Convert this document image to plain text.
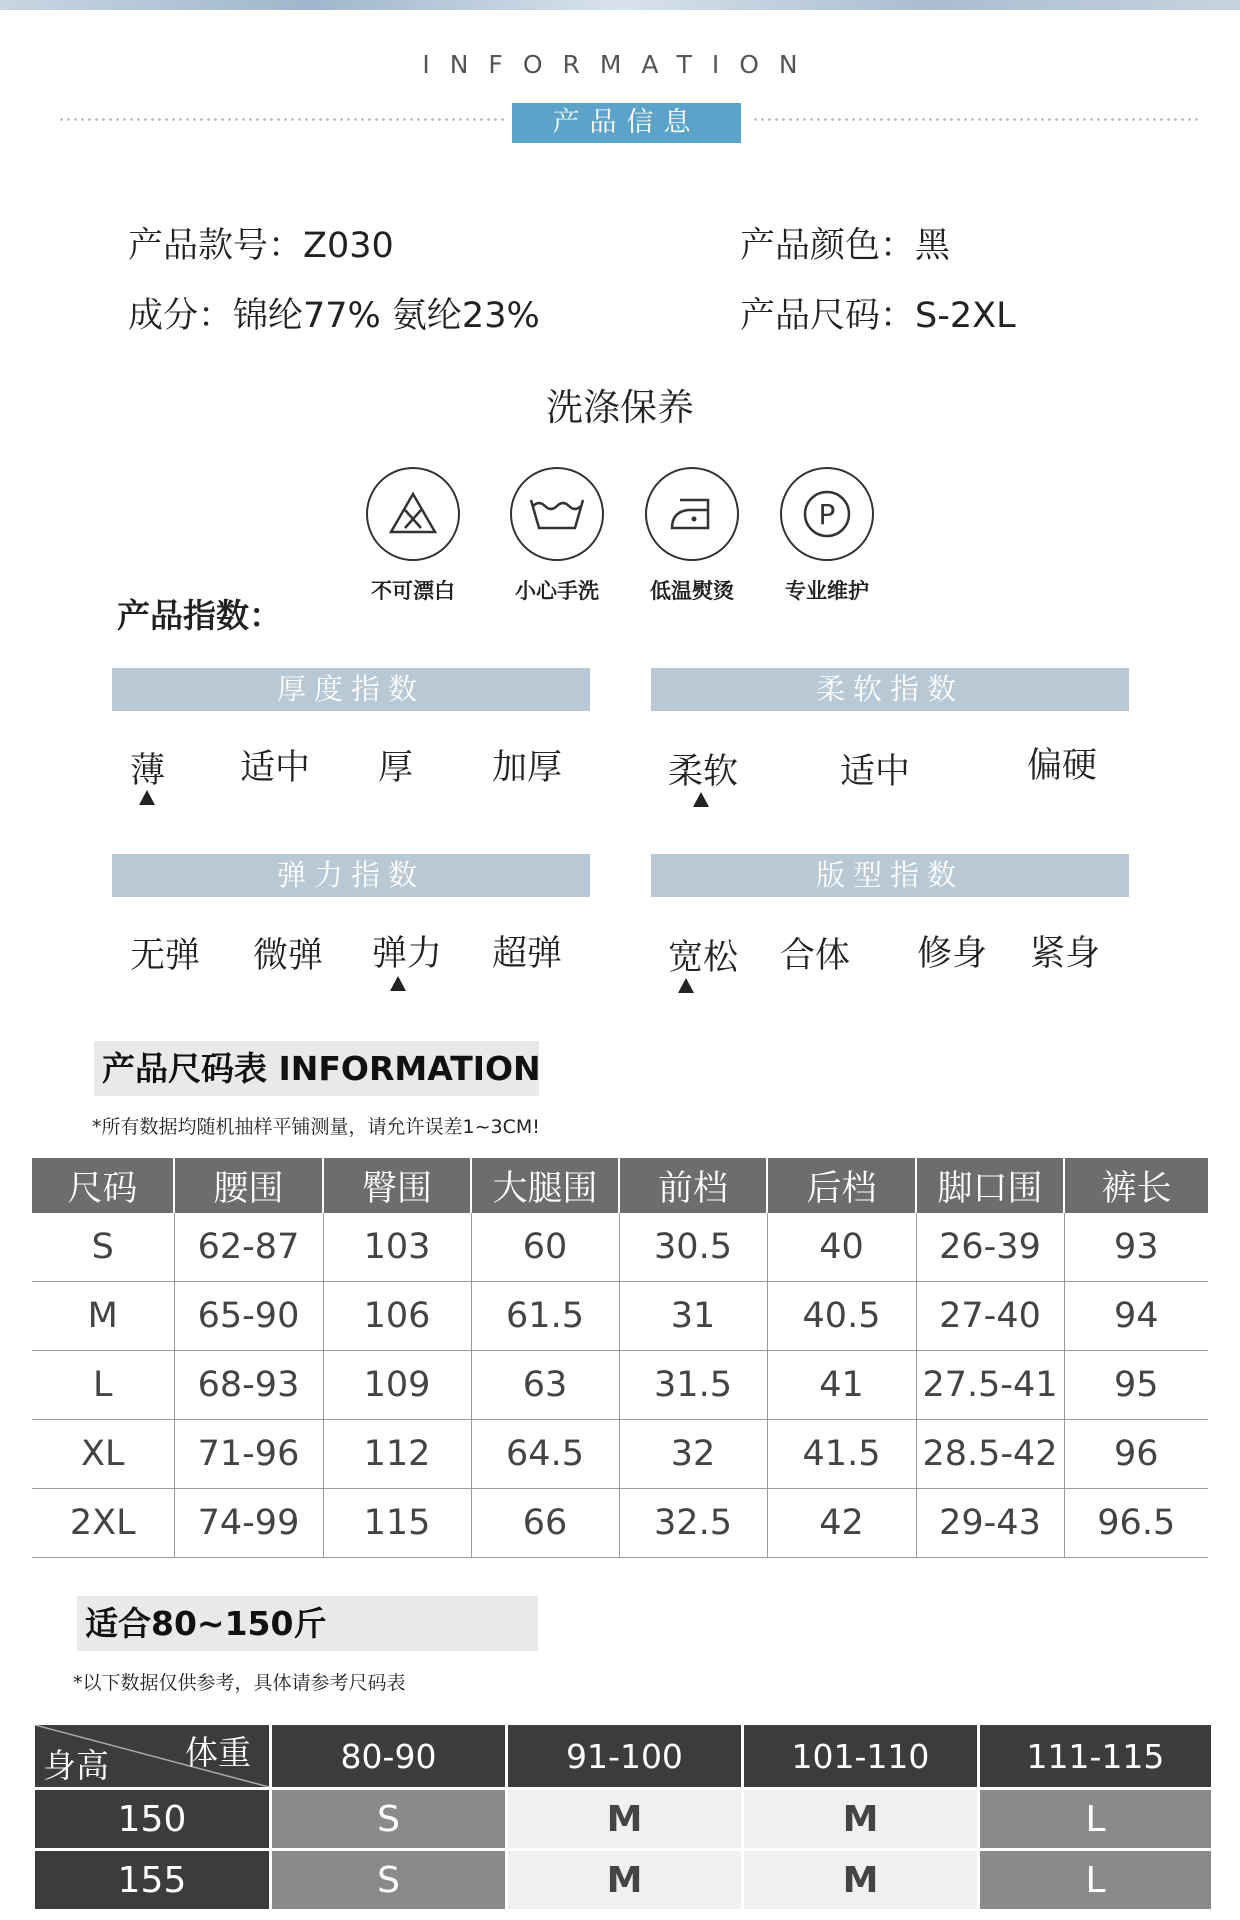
INFORMATION
产品信息
产品款号：Z030	产品颜色：黑
成分：锦纶77% 氨纶23%	产品尺码：S-2XL
洗涤保养
不可漂白	小心手洗	低温熨烫
P
专业维护
产品指数：
厚度指数
薄 适中 厚 加厚
柔软指数
柔软	适中	偏硬
弹力指数
无弹 微弹 弹力 超弹
版型指数
宽松 合体 修身 紧身
产品尺码表 INFORMATION
*所有数据均随机抽样平铺测量，请允许误差1~3CM!
尺码	腰围	臀围	大腿围	前档	后档	脚口围	裤长
S	62-87	103	60	30.5	40	26-39	93
M	65-90	106	61.5	31	40.5	27-40	94
L	68-93	109	63	31.5	41	27.5-41	95
XL	71-96	112	64.5	32	41.5	28.5-42	96
2XL	74-99	115	66	32.5	42	29-43	96.5
适合80~150斤
*以下数据仅供参考，具体请参考尺码表
体重
身高	80-90	91-100	101-110	111-115
150	S	M	M	L
155	S	M	M	L
